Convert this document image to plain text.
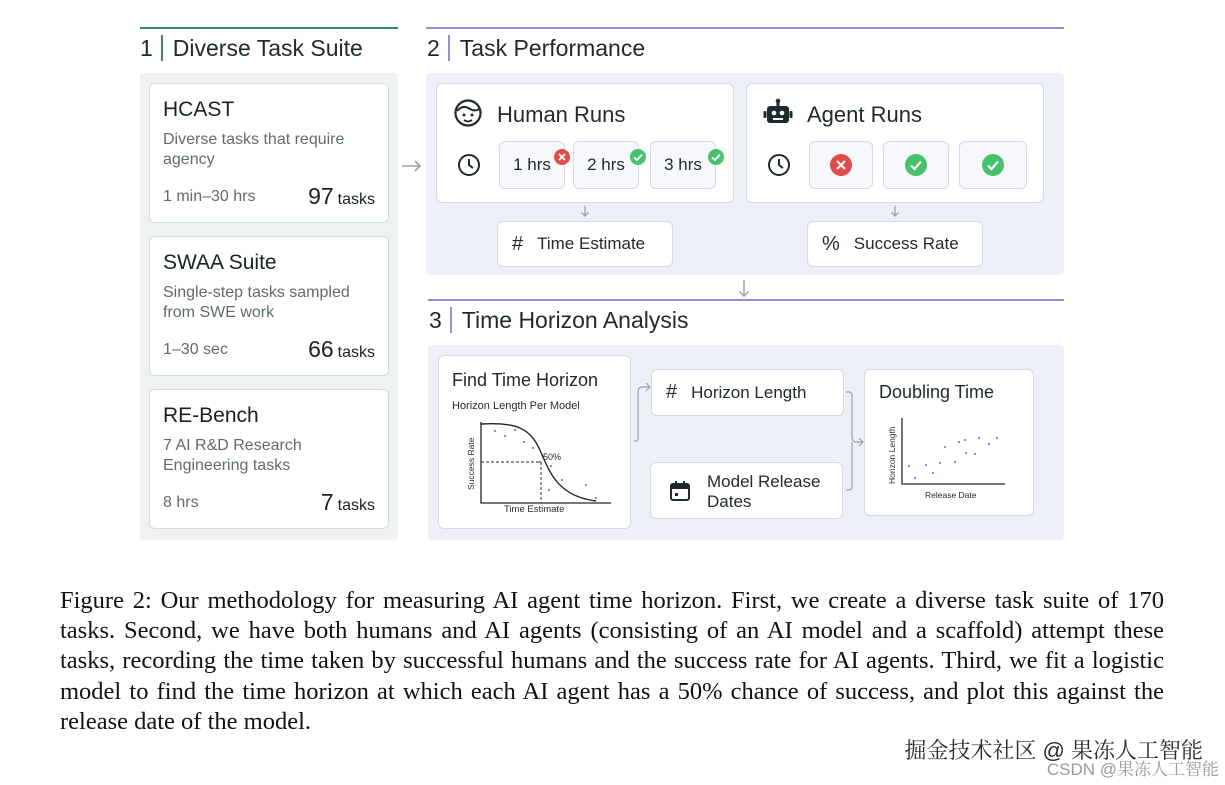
1 Diverse Task Suite
HCAST
Diverse tasks that require agency
1 min–30 hrs 97 tasks
SWAA Suite
Single-step tasks sampled from SWE work
1–30 sec	66 tasks
RE-Bench
7 AI R&D Research Engineering tasks
8 hrs	7 tasks
2 Task Performance
Human Runs
1 hrs 2 hrs 3 hrs
Agent Runs
# Time Estimate	% Success Rate
3 Time Horizon Analysis
Find Time Horizon
Horizon Length Per Model
50%
Success Rate
Time Estimate
# Horizon Length
Model Release
Dates
Doubling Time
Horizon Length
Release Date
Figure 2: Our methodology for measuring AI agent time horizon. First, we create a diverse task suite of 170 tasks. Second, we have both humans and AI agents (consisting of an AI model and a scaffold) attempt these tasks, recording the time taken by successful humans and the success rate for AI agents. Third, we fit a logistic model to find the time horizon at which each AI agent has a 50% chance of success, and plot this against the release date of the model.
掘金技术社区 @ 果冻人工智能
CSDN @果冻人工智能
